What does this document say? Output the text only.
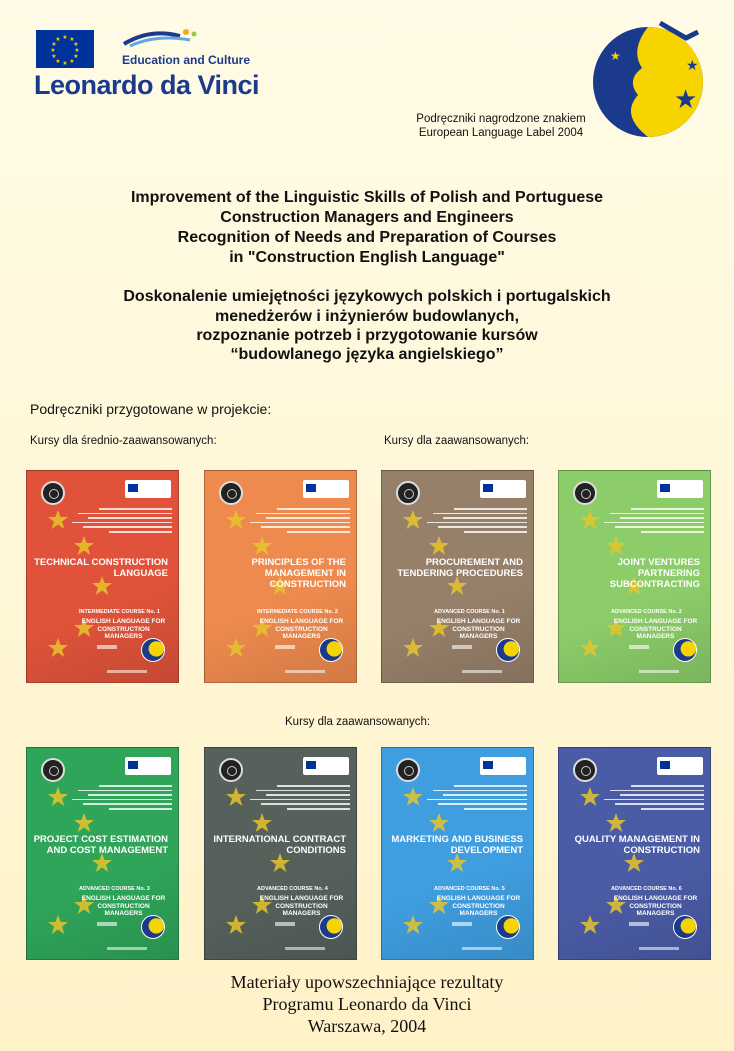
★ ★
★
★
★
★
★
★
★
★
★
★
Education and Culture
Leonardo da Vinci	★
★
★
Podręczniki nagrodzone znakiem
European Language Label 2004
Improvement of the Linguistic Skills of Polish and Portuguese
Construction Managers and Engineers
Recognition of Needs and Preparation of Courses
in "Construction English Language"
Doskonalenie umiejętności językowych polskich i portugalskich
menedżerów i inżynierów budowlanych,
rozpoznanie potrzeb i przygotowanie kursów
“budowlanego języka angielskiego”
Podręczniki przygotowane w projekcie:
Kursy dla średnio-zaawansowanych:	Kursy dla zaawansowanych:
Kursy dla zaawansowanych:
TECHNICAL CONSTRUCTION LANGUAGE
INTERMEDIATE COURSE No. 1
ENGLISH LANGUAGE FOR CONSTRUCTION MANAGERS
PRINCIPLES OF THE MANAGEMENT IN CONSTRUCTION
INTERMEDIATE COURSE No. 2
ENGLISH LANGUAGE FOR CONSTRUCTION MANAGERS
PROCUREMENT AND TENDERING PROCEDURES
ADVANCED COURSE No. 1
ENGLISH LANGUAGE FOR CONSTRUCTION MANAGERS
JOINT VENTURES PARTNERING SUBCONTRACTING
ADVANCED COURSE No. 2
ENGLISH LANGUAGE FOR CONSTRUCTION MANAGERS
PROJECT COST ESTIMATION AND COST MANAGEMENT
ADVANCED COURSE No. 3
ENGLISH LANGUAGE FOR CONSTRUCTION MANAGERS
INTERNATIONAL CONTRACT CONDITIONS
ADVANCED COURSE No. 4
ENGLISH LANGUAGE FOR CONSTRUCTION MANAGERS
MARKETING AND BUSINESS DEVELOPMENT
ADVANCED COURSE No. 5
ENGLISH LANGUAGE FOR CONSTRUCTION MANAGERS
QUALITY MANAGEMENT IN CONSTRUCTION
ADVANCED COURSE No. 6
ENGLISH LANGUAGE FOR CONSTRUCTION MANAGERS
Materiały upowszechniające rezultaty
Programu Leonardo da Vinci
Warszawa, 2004
